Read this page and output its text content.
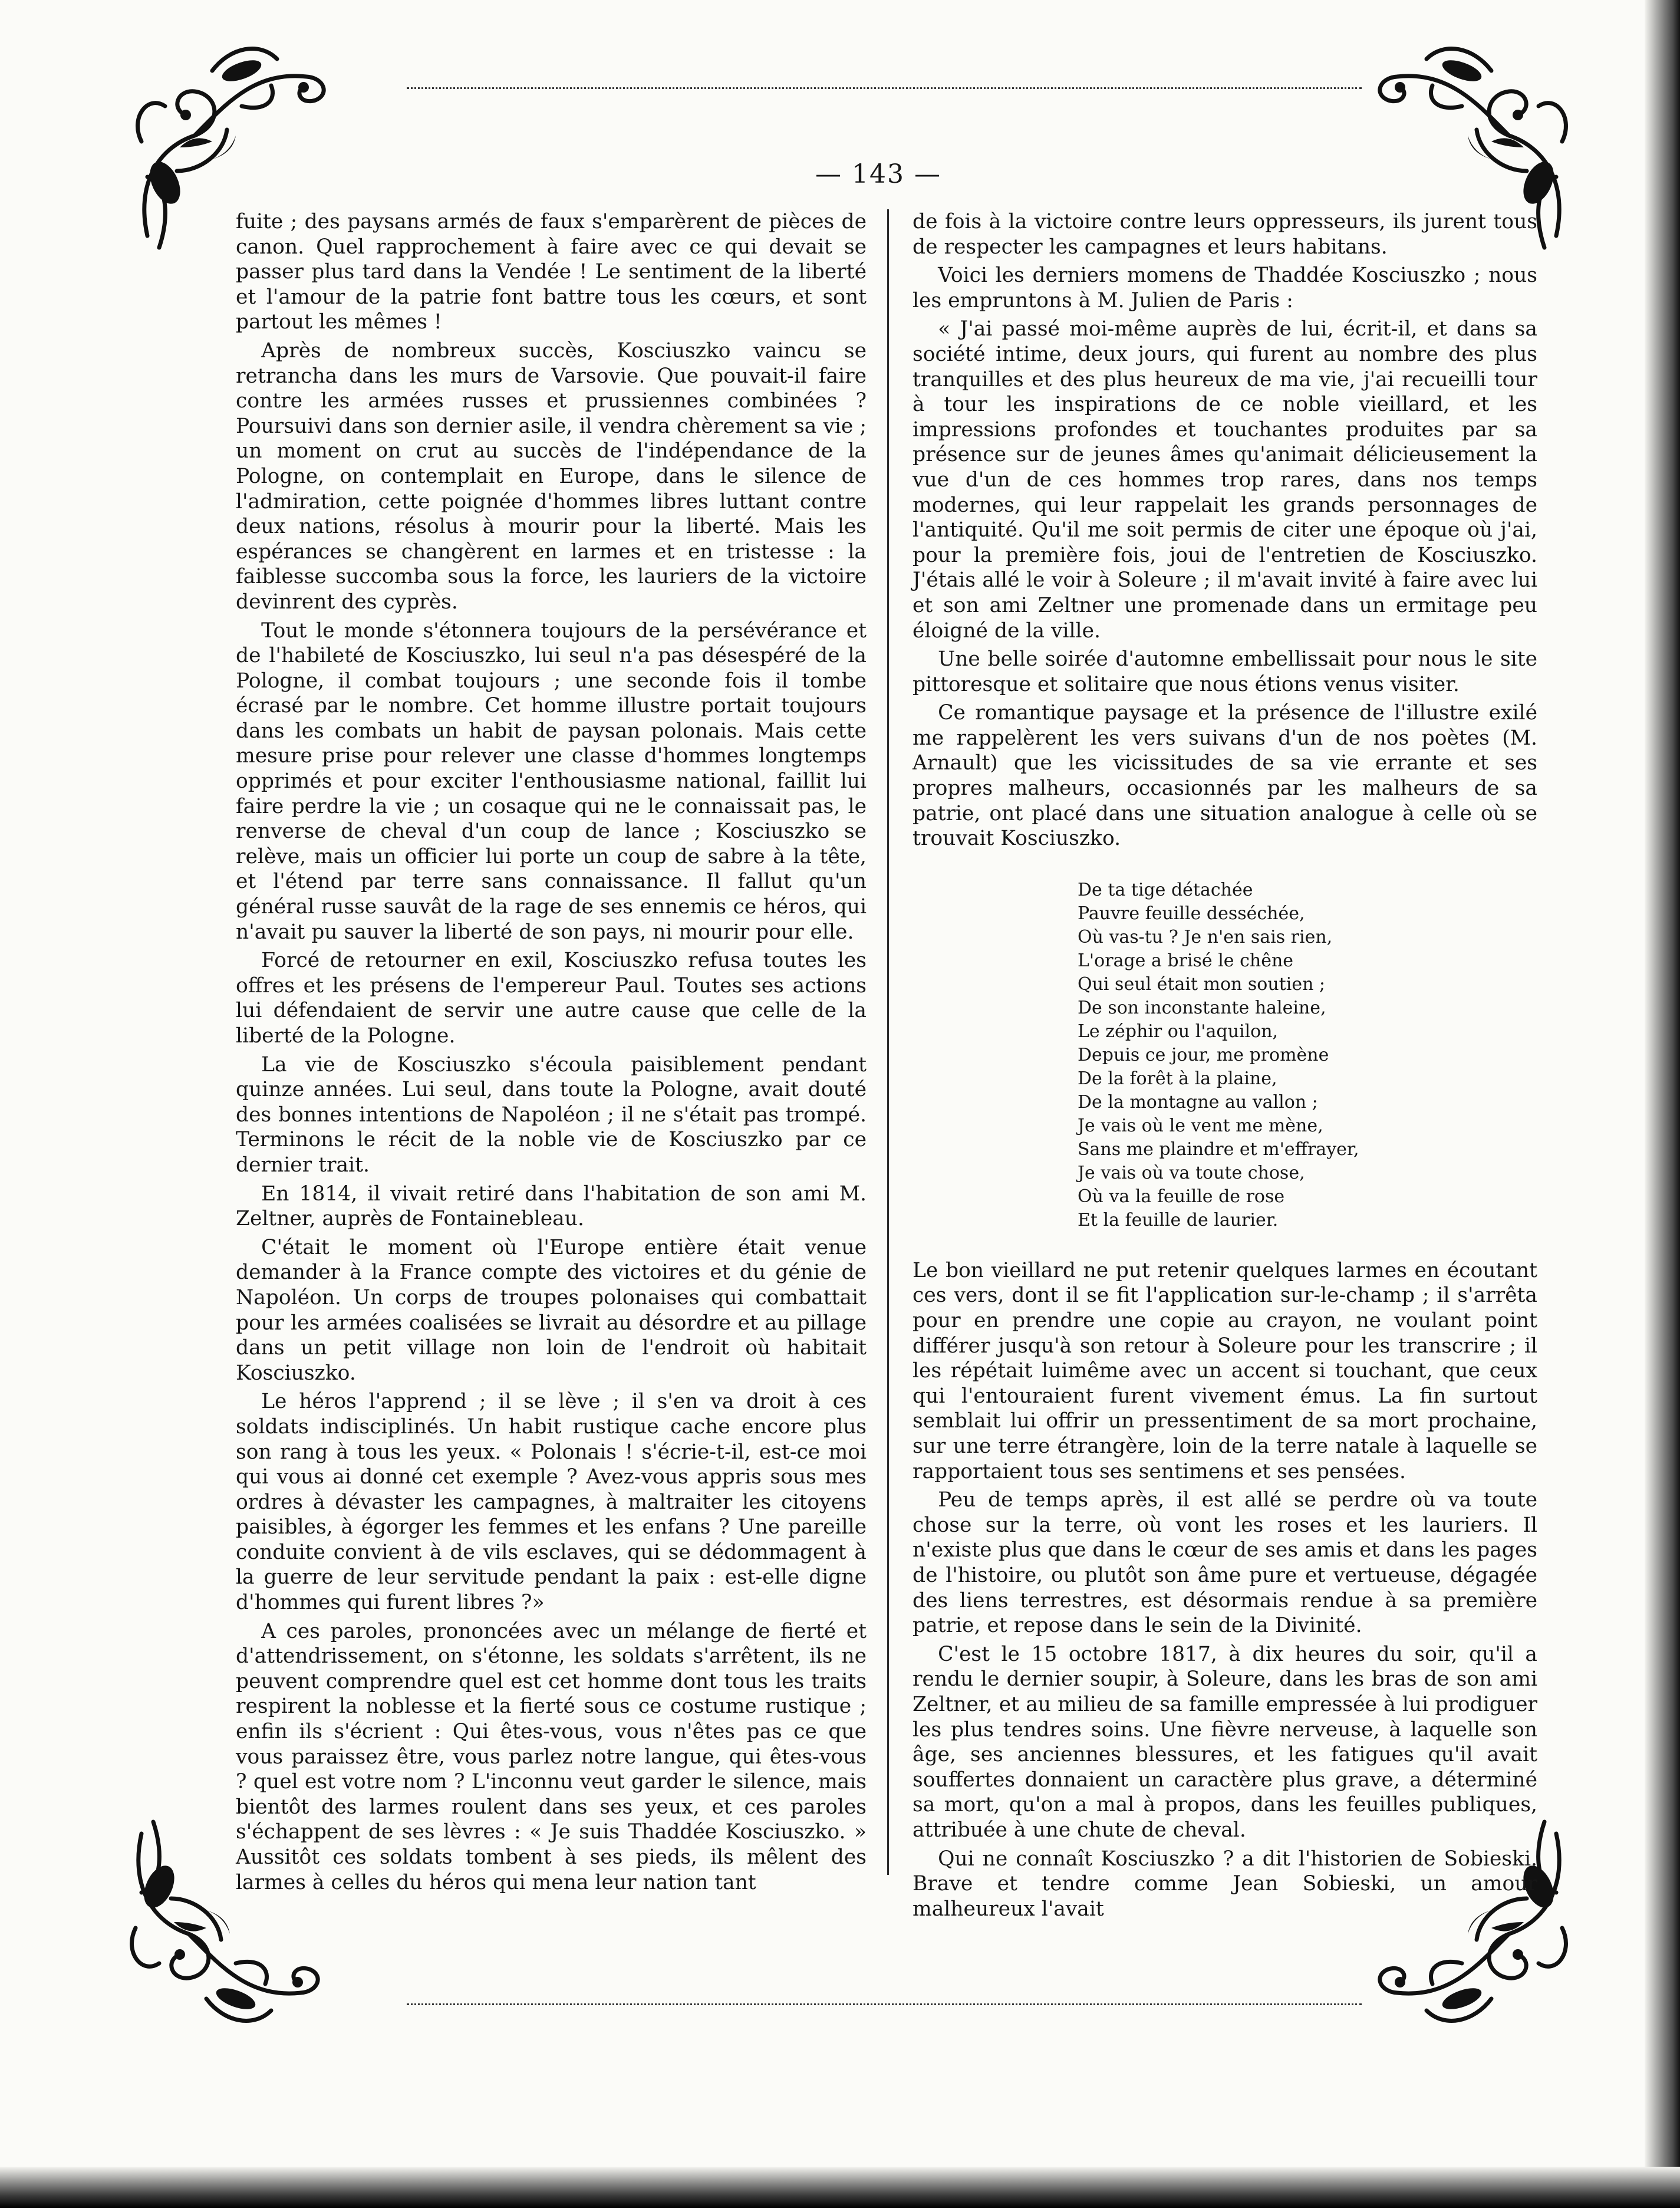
— 143 —

fuite ; des paysans armés de faux s'emparèrent de pièces de canon. Quel rapprochement à faire avec ce qui devait se passer plus tard dans la Vendée ! Le sentiment de la liberté et l'amour de la patrie font battre tous les cœurs, et sont partout les mêmes !

Après de nombreux succès, Kosciuszko vaincu se retrancha dans les murs de Varsovie. Que pouvait-il faire contre les armées russes et prussiennes combinées ? Poursuivi dans son dernier asile, il vendra chèrement sa vie ; un moment on crut au succès de l'indépendance de la Pologne, on contemplait en Europe, dans le silence de l'admiration, cette poignée d'hommes libres luttant contre deux nations, résolus à mourir pour la liberté. Mais les espérances se changèrent en larmes et en tristesse : la faiblesse succomba sous la force, les lauriers de la victoire devinrent des cyprès.

Tout le monde s'étonnera toujours de la persévérance et de l'habileté de Kosciuszko, lui seul n'a pas désespéré de la Pologne, il combat toujours ; une seconde fois il tombe écrasé par le nombre. Cet homme illustre portait toujours dans les combats un habit de paysan polonais. Mais cette mesure prise pour relever une classe d'hommes longtemps opprimés et pour exciter l'enthousiasme national, faillit lui faire perdre la vie ; un cosaque qui ne le connaissait pas, le renverse de cheval d'un coup de lance ; Kosciuszko se relève, mais un officier lui porte un coup de sabre à la tête, et l'étend par terre sans connaissance. Il fallut qu'un général russe sauvât de la rage de ses ennemis ce héros, qui n'avait pu sauver la liberté de son pays, ni mourir pour elle.

Forcé de retourner en exil, Kosciuszko refusa toutes les offres et les présens de l'empereur Paul. Toutes ses actions lui défendaient de servir une autre cause que celle de la liberté de la Pologne.

La vie de Kosciuszko s'écoula paisiblement pendant quinze années. Lui seul, dans toute la Pologne, avait douté des bonnes intentions de Napoléon ; il ne s'était pas trompé. Terminons le récit de la noble vie de Kosciuszko par ce dernier trait.

En 1814, il vivait retiré dans l'habitation de son ami M. Zeltner, auprès de Fontainebleau.

C'était le moment où l'Europe entière était venue demander à la France compte des victoires et du génie de Napoléon. Un corps de troupes polonaises qui combattait pour les armées coalisées se livrait au désordre et au pillage dans un petit village non loin de l'endroit où habitait Kosciuszko.

Le héros l'apprend ; il se lève ; il s'en va droit à ces soldats indisciplinés. Un habit rustique cache encore plus son rang à tous les yeux. « Polonais ! s'écrie-t-il, est-ce moi qui vous ai donné cet exemple ? Avez-vous appris sous mes ordres à dévaster les campagnes, à maltraiter les citoyens paisibles, à égorger les femmes et les enfans ? Une pareille conduite convient à de vils esclaves, qui se dédommagent à la guerre de leur servitude pendant la paix : est-elle digne d'hommes qui furent libres ?»

A ces paroles, prononcées avec un mélange de fierté et d'attendrissement, on s'étonne, les soldats s'arrêtent, ils ne peuvent comprendre quel est cet homme dont tous les traits respirent la noblesse et la fierté sous ce costume rustique ; enfin ils s'écrient : Qui êtes-vous, vous n'êtes pas ce que vous paraissez être, vous parlez notre langue, qui êtes-vous ? quel est votre nom ? L'inconnu veut garder le silence, mais bientôt des larmes roulent dans ses yeux, et ces paroles s'échappent de ses lèvres : « Je suis Thaddée Kosciuszko. » Aussitôt ces soldats tombent à ses pieds, ils mêlent des larmes à celles du héros qui mena leur nation tant

de fois à la victoire contre leurs oppresseurs, ils jurent tous de respecter les campagnes et leurs habitans.

Voici les derniers momens de Thaddée Kosciuszko ; nous les empruntons à M. Julien de Paris :

« J'ai passé moi-même auprès de lui, écrit-il, et dans sa société intime, deux jours, qui furent au nombre des plus tranquilles et des plus heureux de ma vie, j'ai recueilli tour à tour les inspirations de ce noble vieillard, et les impressions profondes et touchantes produites par sa présence sur de jeunes âmes qu'animait délicieusement la vue d'un de ces hommes trop rares, dans nos temps modernes, qui leur rappelait les grands personnages de l'antiquité. Qu'il me soit permis de citer une époque où j'ai, pour la première fois, joui de l'entretien de Kosciuszko. J'étais allé le voir à Soleure ; il m'avait invité à faire avec lui et son ami Zeltner une promenade dans un ermitage peu éloigné de la ville.

Une belle soirée d'automne embellissait pour nous le site pittoresque et solitaire que nous étions venus visiter.

Ce romantique paysage et la présence de l'illustre exilé me rappelèrent les vers suivans d'un de nos poètes (M. Arnault) que les vicissitudes de sa vie errante et ses propres malheurs, occasionnés par les malheurs de sa patrie, ont placé dans une situation analogue à celle où se trouvait Kosciuszko.

De ta tige détachée
Pauvre feuille desséchée,
Où vas-tu ? Je n'en sais rien,
L'orage a brisé le chêne
Qui seul était mon soutien ;
De son inconstante haleine,
Le zéphir ou l'aquilon,
Depuis ce jour, me promène
De la forêt à la plaine,
De la montagne au vallon ;
Je vais où le vent me mène,
Sans me plaindre et m'effrayer,
Je vais où va toute chose,
Où va la feuille de rose
Et la feuille de laurier.

Le bon vieillard ne put retenir quelques larmes en écoutant ces vers, dont il se fit l'application sur-le-champ ; il s'arrêta pour en prendre une copie au crayon, ne voulant point différer jusqu'à son retour à Soleure pour les transcrire ; il les répétait luimême avec un accent si touchant, que ceux qui l'entouraient furent vivement émus. La fin surtout semblait lui offrir un pressentiment de sa mort prochaine, sur une terre étrangère, loin de la terre natale à laquelle se rapportaient tous ses sentimens et ses pensées.

Peu de temps après, il est allé se perdre où va toute chose sur la terre, où vont les roses et les lauriers. Il n'existe plus que dans le cœur de ses amis et dans les pages de l'histoire, ou plutôt son âme pure et vertueuse, dégagée des liens terrestres, est désormais rendue à sa première patrie, et repose dans le sein de la Divinité.

C'est le 15 octobre 1817, à dix heures du soir, qu'il a rendu le dernier soupir, à Soleure, dans les bras de son ami Zeltner, et au milieu de sa famille empressée à lui prodiguer les plus tendres soins. Une fièvre nerveuse, à laquelle son âge, ses anciennes blessures, et les fatigues qu'il avait souffertes donnaient un caractère plus grave, a déterminé sa mort, qu'on a mal à propos, dans les feuilles publiques, attribuée à une chute de cheval.

Qui ne connaît Kosciuszko ? a dit l'historien de Sobieski. Brave et tendre comme Jean Sobieski, un amour malheureux l'avait
